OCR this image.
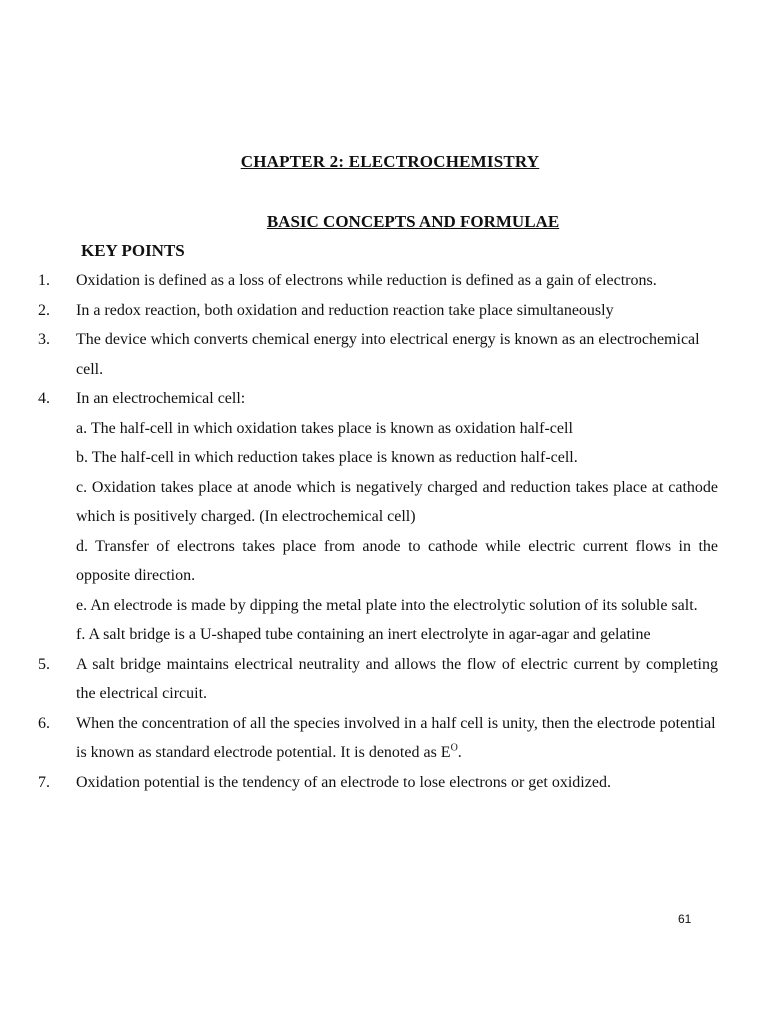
CHAPTER 2: ELECTROCHEMISTRY
BASIC CONCEPTS AND FORMULAE
KEY POINTS
1. Oxidation is defined as a loss of electrons while reduction is defined as a gain of electrons.
2. In a redox reaction, both oxidation and reduction reaction take place simultaneously
3. The device which converts chemical energy into electrical energy is known as an electrochemical cell.
4. In an electrochemical cell:
a. The half-cell in which oxidation takes place is known as oxidation half-cell
b. The half-cell in which reduction takes place is known as reduction half-cell.
c. Oxidation takes place at anode which is negatively charged and reduction takes place at cathode which is positively charged. (In electrochemical cell)
d. Transfer of electrons takes place from anode to cathode while electric current flows in the opposite direction.
e. An electrode is made by dipping the metal plate into the electrolytic solution of its soluble salt.
f. A salt bridge is a U-shaped tube containing an inert electrolyte in agar-agar and gelatine
5. A salt bridge maintains electrical neutrality and allows the flow of electric current by completing the electrical circuit.
6. When the concentration of all the species involved in a half cell is unity, then the electrode potential is known as standard electrode potential. It is denoted as $E^O$.
7. Oxidation potential is the tendency of an electrode to lose electrons or get oxidized.
61
